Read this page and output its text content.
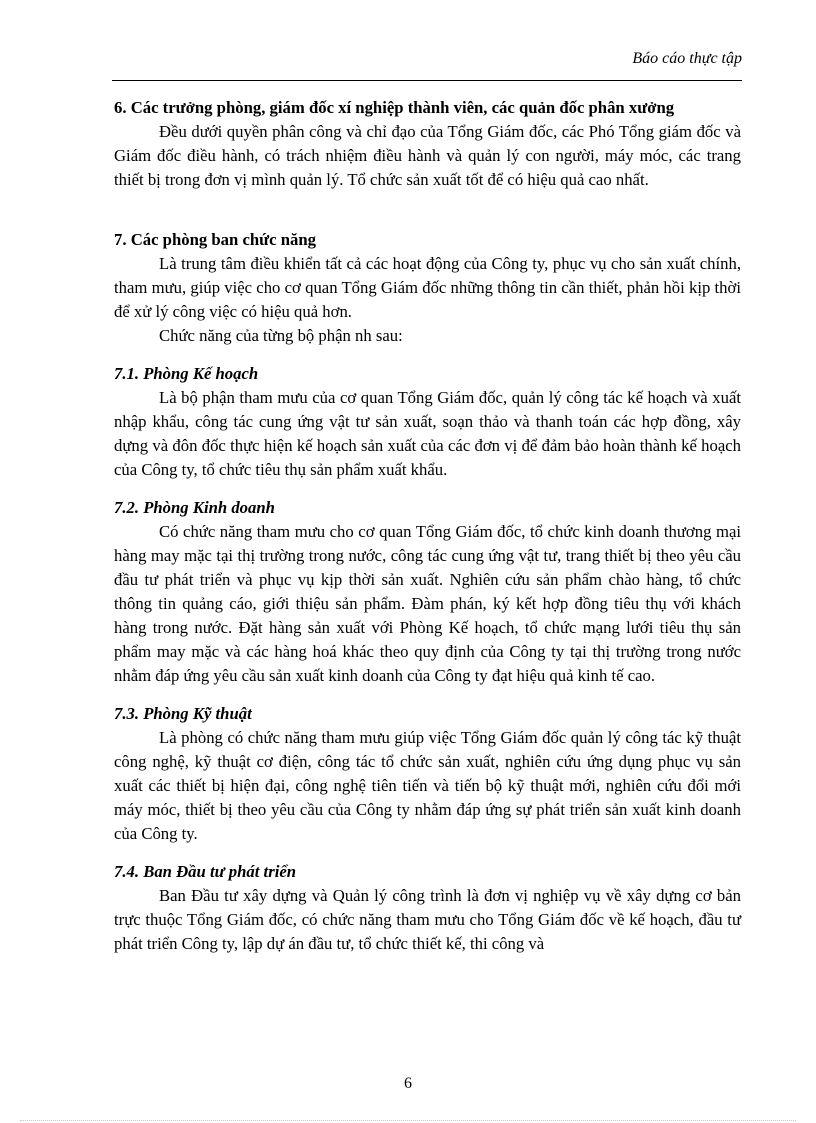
Báo cáo thực tập

6. Các trưởng phòng, giám đốc xí nghiệp thành viên, các quản đốc phân xưởng

Đều dưới quyền phân công và chỉ đạo của Tổng Giám đốc, các Phó Tổng giám đốc và Giám đốc điều hành, có trách nhiệm điều hành và quản lý con người, máy móc, các trang thiết bị trong đơn vị mình quản lý. Tổ chức sản xuất tốt để có hiệu quả cao nhất.

7. Các phòng ban chức năng

Là trung tâm điều khiển tất cả các hoạt động của Công ty, phục vụ cho sản xuất chính, tham mưu, giúp việc cho cơ quan Tổng Giám đốc những thông tin cần thiết, phản hồi kịp thời để xử lý công việc có hiệu quả hơn.

Chức năng của từng bộ phận nh sau:

7.1. Phòng Kế hoạch

Là bộ phận tham mưu của cơ quan Tổng Giám đốc, quản lý công tác kế hoạch và xuất nhập khẩu, công tác cung ứng vật tư sản xuất, soạn thảo và thanh toán các hợp đồng, xây dựng và đôn đốc thực hiện kế hoạch sản xuất của các đơn vị để đảm bảo hoàn thành kế hoạch của Công ty, tổ chức tiêu thụ sản phẩm xuất khẩu.

7.2. Phòng Kinh doanh

Có chức năng tham mưu cho cơ quan Tổng Giám đốc, tổ chức kinh doanh thương mại hàng may mặc tại thị trường trong nước, công tác cung ứng vật tư, trang thiết bị theo yêu cầu đầu tư phát triển và phục vụ kịp thời sản xuất. Nghiên cứu sản phẩm chào hàng, tổ chức thông tin quảng cáo, giới thiệu sản phẩm. Đàm phán, ký kết hợp đồng tiêu thụ với khách hàng trong nước. Đặt hàng sản xuất với Phòng Kế hoạch, tổ chức mạng lưới tiêu thụ sản phẩm may mặc và các hàng hoá khác theo quy định của Công ty tại thị trường trong nước nhằm đáp ứng yêu cầu sản xuất kinh doanh của Công ty đạt hiệu quả kinh tế cao.

7.3. Phòng Kỹ thuật

Là phòng có chức năng tham mưu giúp việc Tổng Giám đốc quản lý công tác kỹ thuật công nghệ, kỹ thuật cơ điện, công tác tổ chức sản xuất, nghiên cứu ứng dụng phục vụ sản xuất các thiết bị hiện đại, công nghệ tiên tiến và tiến bộ kỹ thuật mới, nghiên cứu đổi mới máy móc, thiết bị theo yêu cầu của Công ty nhằm đáp ứng sự phát triển sản xuất kinh doanh của Công ty.

7.4. Ban Đầu tư phát triển

Ban Đầu tư xây dựng và Quản lý công trình là đơn vị nghiệp vụ về xây dựng cơ bản trực thuộc Tổng Giám đốc, có chức năng tham mưu cho Tổng Giám đốc về kế hoạch, đầu tư phát triển Công ty, lập dự án đầu tư, tổ chức thiết kế, thi công và

6
